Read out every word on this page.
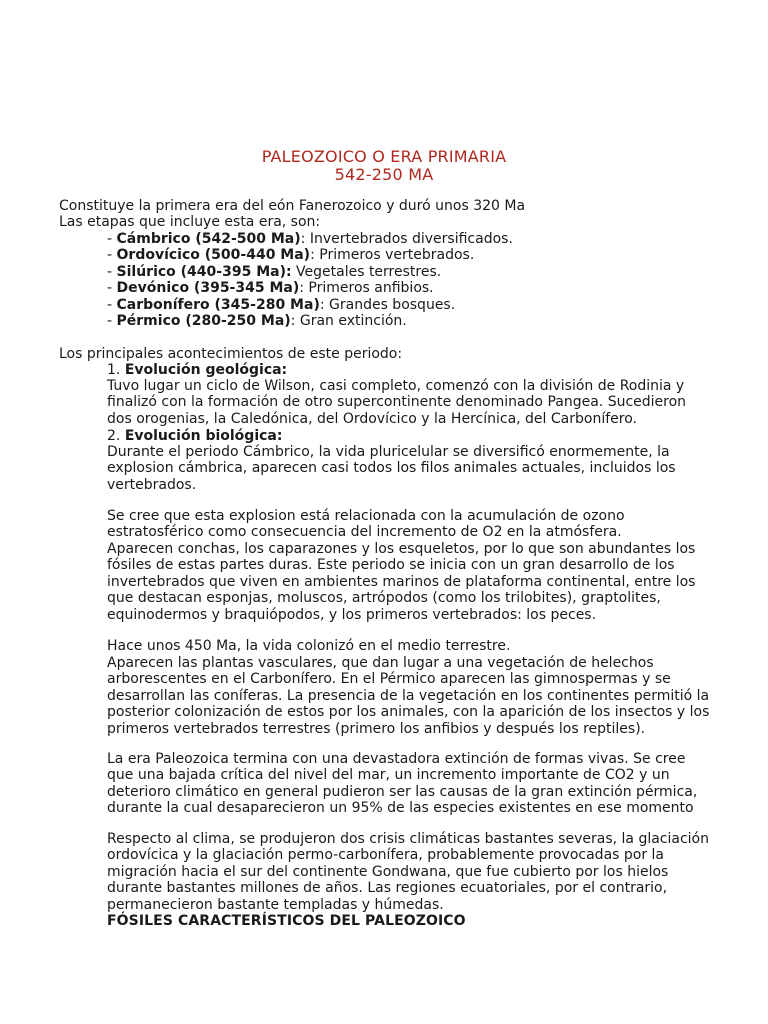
PALEOZOICO O ERA PRIMARIA
542-250 MA
Constituye la primera era del eón Fanerozoico y duró unos 320 Ma
Las etapas que incluye esta era, son:
- Cámbrico (542-500 Ma): Invertebrados diversificados.
- Ordovícico (500-440 Ma): Primeros vertebrados.
- Silúrico (440-395 Ma): Vegetales terrestres.
- Devónico (395-345 Ma): Primeros anfibios.
- Carbonífero (345-280 Ma): Grandes bosques.
- Pérmico (280-250 Ma): Gran extinción.
Los principales acontecimientos de este periodo:
1. Evolución geológica:
Tuvo lugar un ciclo de Wilson, casi completo, comenzó con la división de Rodinia y finalizó con la formación de otro supercontinente denominado Pangea. Sucedieron dos orogenias, la Caledónica, del Ordovícico y la Hercínica, del Carbonífero.
2. Evolución biológica:
Durante el periodo Cámbrico, la vida pluricelular se diversificó enormemente, la explosion cámbrica, aparecen casi todos los filos animales actuales, incluidos los vertebrados.
Se cree que esta explosion está relacionada con la acumulación de ozono estratosférico como consecuencia del incremento de O2 en la atmósfera.
Aparecen conchas, los caparazones y los esqueletos, por lo que son abundantes los fósiles de estas partes duras. Este periodo se inicia con un gran desarrollo de los invertebrados que viven en ambientes marinos de plataforma continental, entre los que destacan esponjas, moluscos, artrópodos (como los trilobites), graptolites, equinodermos y braquiópodos, y los primeros vertebrados: los peces.
Hace unos 450 Ma, la vida colonizó en el medio terrestre.
Aparecen las plantas vasculares, que dan lugar a una vegetación de helechos arborescentes en el Carbonífero. En el Pérmico aparecen las gimnospermas y se desarrollan las coníferas. La presencia de la vegetación en los continentes permitió la posterior colonización de estos por los animales, con la aparición de los insectos y los primeros vertebrados terrestres (primero los anfibios y después los reptiles).
La era Paleozoica termina con una devastadora extinción de formas vivas. Se cree que una bajada crítica del nivel del mar, un incremento importante de CO2 y un deterioro climático en general pudieron ser las causas de la gran extinción pérmica, durante la cual desaparecieron un 95% de las especies existentes en ese momento
Respecto al clima, se produjeron dos crisis climáticas bastantes severas, la glaciación ordovícica y la glaciación permo-carbonífera, probablemente provocadas por la migración hacia el sur del continente Gondwana, que fue cubierto por los hielos durante bastantes millones de años. Las regiones ecuatoriales, por el contrario, permanecieron bastante templadas y húmedas.
FÓSILES CARACTERÍSTICOS DEL PALEOZOICO
